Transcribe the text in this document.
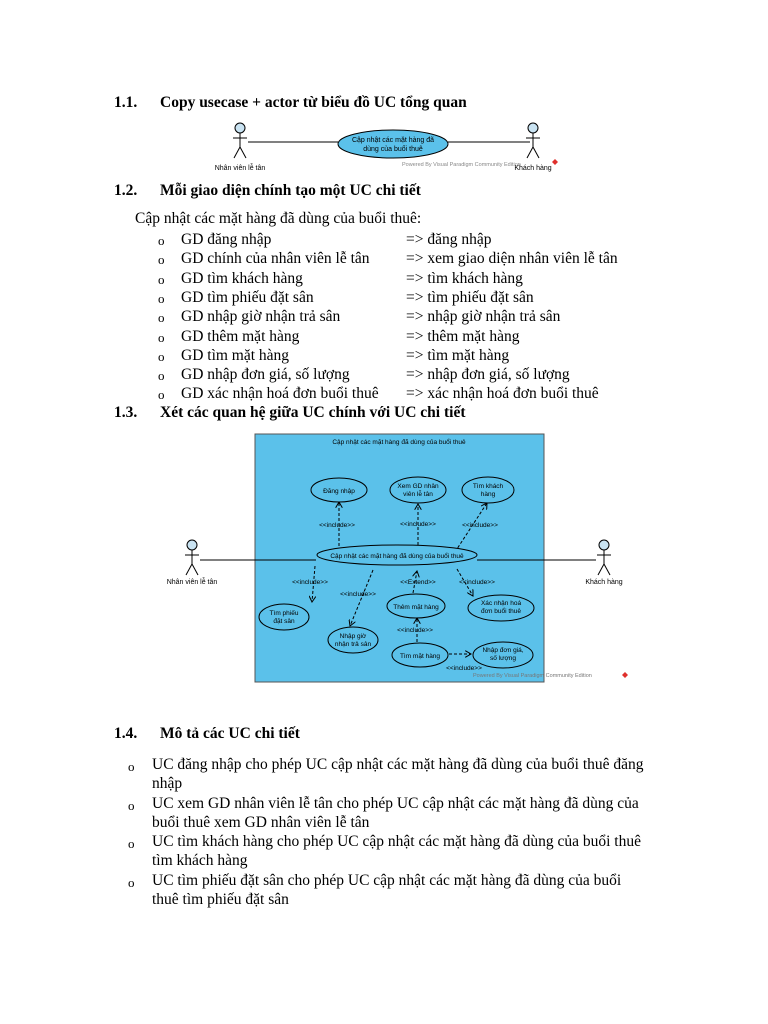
1.1. Copy usecase + actor từ biểu đồ UC tổng quan
Nhân viên lễ tân
Cập nhật các mặt hàng đã
dùng của buổi thuê
Powered By Visual Paradigm Community Edition
Khách hàng
1.2. Mỗi giao diện chính tạo một UC chi tiết
Cập nhật các mặt hàng đã dùng của buổi thuê:
o GD đăng nhập	=> đăng nhập
o GD chính của nhân viên lễ tân => xem giao diện nhân viên lễ tân
o GD tìm khách hàng	=> tìm khách hàng
o GD tìm phiếu đặt sân	=> tìm phiếu đặt sân
o GD nhập giờ nhận trả sân	=> nhập giờ nhận trả sân
o GD thêm mặt hàng	=> thêm mặt hàng
o GD tìm mặt hàng	=> tìm mặt hàng
o GD nhập đơn giá, số lượng	=> nhập đơn giá, số lượng
o GD xác nhận hoá đơn buổi thuê => xác nhận hoá đơn buổi thuê
1.3. Xét các quan hệ giữa UC chính với UC chi tiết
Cập nhật các mặt hàng đã dùng của buổi thuê
Nhân viên lễ tân	Khách hàng
<<include>>	<<include>>	<<include>>
<<include>>
<<include>>
<<Extend>>	<<include>>
<<include>>
<<include>>
Đăng nhập
Xem GD nhân
viên lễ tân
Tìm khách
hàng
Cập nhật các mặt hàng đã dùng của buổi thuê
Tìm phiếu
đặt sân
Nhập giờ
nhận trả sân
Thêm mặt hàng
Xác nhận hoá
đơn buổi thuê
Tìm mặt hàng
Nhập đơn giá,
số lượng
Powered By Visual Paradigm Community Edition
1.4. Mô tả các UC chi tiết
o UC đăng nhập cho phép UC cập nhật các mặt hàng đã dùng của buổi thuê đăng
nhập
o UC xem GD nhân viên lễ tân cho phép UC cập nhật các mặt hàng đã dùng của
buổi thuê xem GD nhân viên lễ tân
o UC tìm khách hàng cho phép UC cập nhật các mặt hàng đã dùng của buổi thuê
tìm khách hàng
o UC tìm phiếu đặt sân cho phép UC cập nhật các mặt hàng đã dùng của buổi
thuê tìm phiếu đặt sân
